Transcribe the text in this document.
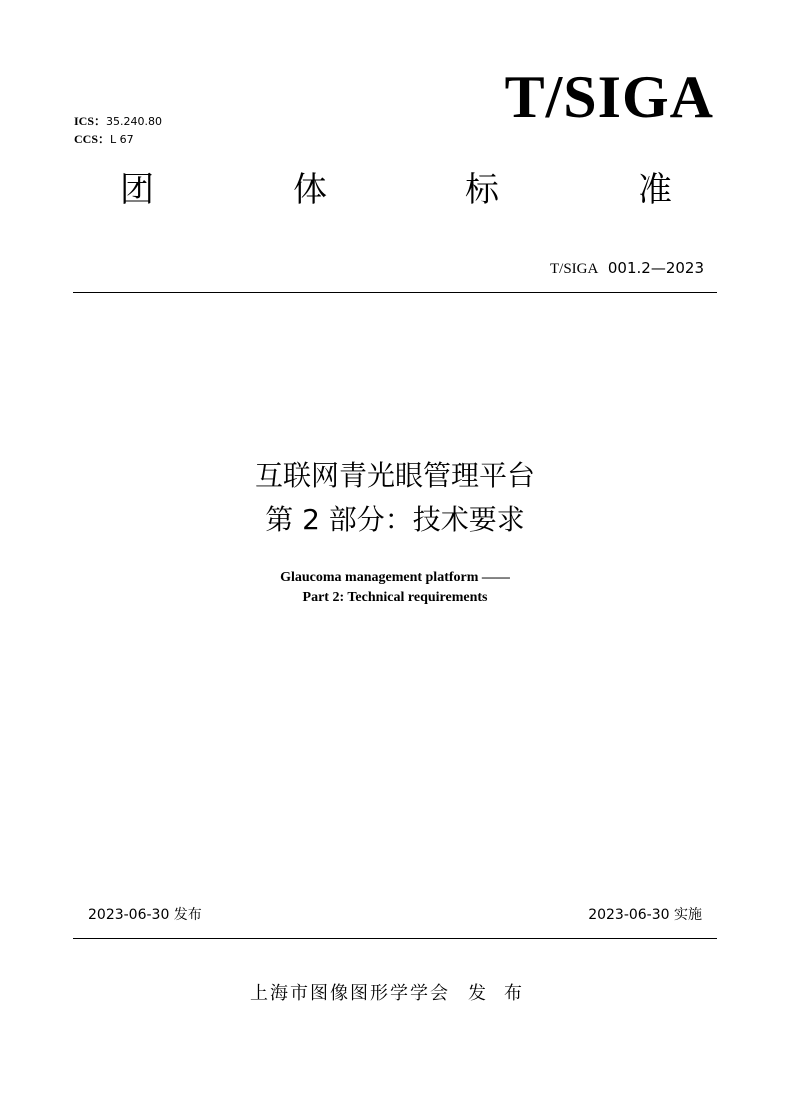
ICS：35.240.80
CCS：L 67
T/SIGA
团	体	标	准
T/SIGA 001.2—2023
互联网青光眼管理平台
第 2 部分：技术要求
Glaucoma management platform ——
Part 2: Technical requirements
2023-06-30 发布	2023-06-30 实施
上海市图像图形学学会 发布
